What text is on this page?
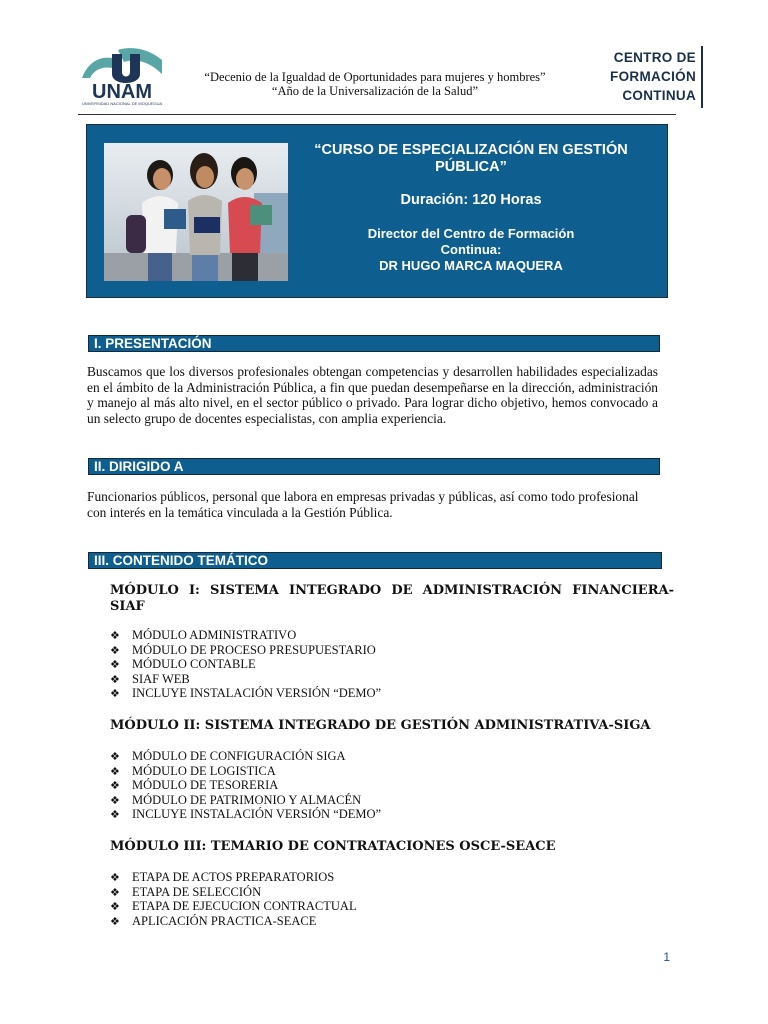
UNAM
UNIVERSIDAD NACIONAL DE MOQUEGUA
“Decenio de la Igualdad de Oportunidades para mujeres y hombres”
“Año de la Universalización de la Salud”
CENTRO DE
FORMACIÓN
CONTINUA
“CURSO DE ESPECIALIZACIÓN EN GESTIÓN
PÚBLICA”
Duración: 120 Horas
Director del Centro de Formación
Continua:
DR HUGO MARCA MAQUERA
I. PRESENTACIÓN

Buscamos que los diversos profesionales obtengan competencias y desarrollen habilidades especializadas en el ámbito de la Administración Pública, a fin que puedan desempeñarse en la dirección, administración y manejo al más alto nivel, en el sector público o privado. Para lograr dicho objetivo, hemos convocado a un selecto grupo de docentes especialistas, con amplia experiencia.

II. DIRIGIDO A

Funcionarios públicos, personal que labora en empresas privadas y públicas, así como todo profesional con interés en la temática vinculada a la Gestión Pública.

III. CONTENIDO TEMÁTICO
MÓDULO I: SISTEMA INTEGRADO DE ADMINISTRACIÓN FINANCIERA-SIAF
❖ MÓDULO ADMINISTRATIVO
❖ MÓDULO DE PROCESO PRESUPUESTARIO
❖ MÓDULO CONTABLE
❖ SIAF WEB
❖ INCLUYE INSTALACIÓN VERSIÓN “DEMO”
MÓDULO II: SISTEMA INTEGRADO DE GESTIÓN ADMINISTRATIVA-SIGA
❖ MÓDULO DE CONFIGURACIÓN SIGA
❖ MÓDULO DE LOGISTICA
❖ MÓDULO DE TESORERIA
❖ MÓDULO DE PATRIMONIO Y ALMACÉN
❖ INCLUYE INSTALACIÓN VERSIÓN “DEMO”
MÓDULO III: TEMARIO DE CONTRATACIONES OSCE-SEACE
❖ ETAPA DE ACTOS PREPARATORIOS
❖ ETAPA DE SELECCIÓN
❖ ETAPA DE EJECUCION CONTRACTUAL
❖ APLICACIÓN PRACTICA-SEACE
1
